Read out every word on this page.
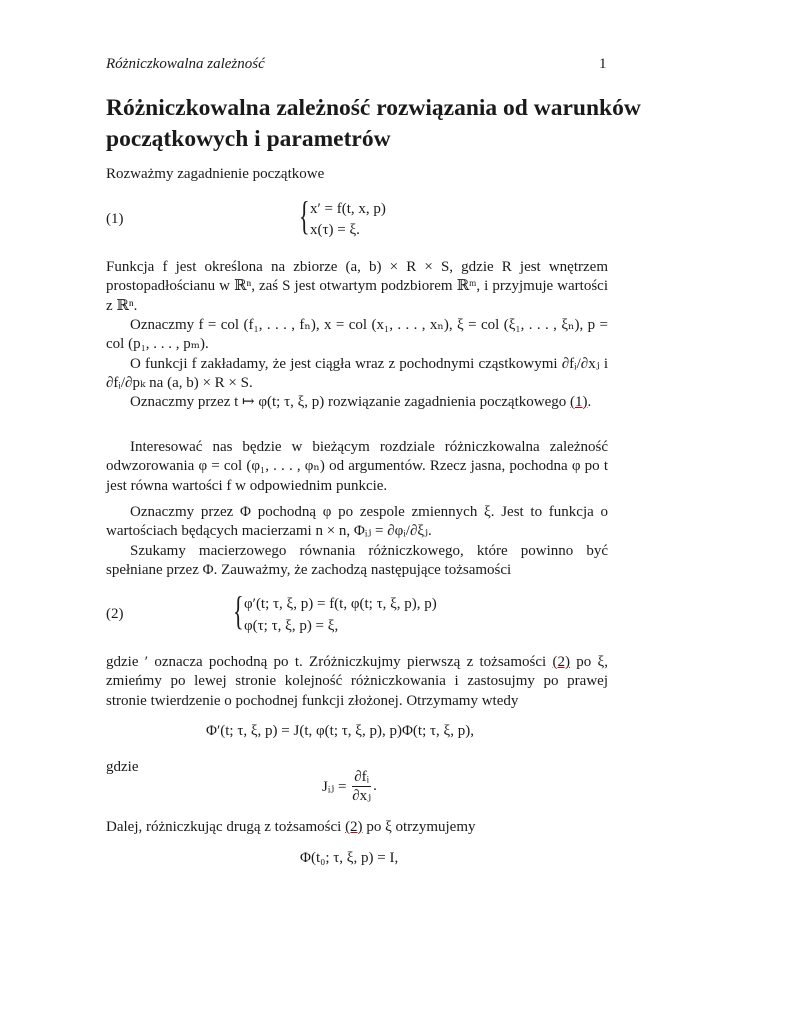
Różniczkowalna zależność	1
Różniczkowalna zależność rozwiązania od warunków początkowych i parametrów
Rozważmy zagadnienie początkowe
(1)	{ x′ = f(t, x, p)
x(τ) = ξ.
Funkcja f jest określona na zbiorze (a, b) × R × S, gdzie R jest wnętrzem prostopadłościanu w ℝⁿ, zaś S jest otwartym podzbiorem ℝᵐ, i przyjmuje wartości z ℝⁿ.
Oznaczmy f = col (f₁, . . . , fₙ), x = col (x₁, . . . , xₙ), ξ = col (ξ₁, . . . , ξₙ), p = col (p₁, . . . , pₘ).
O funkcji f zakładamy, że jest ciągła wraz z pochodnymi cząstkowymi ∂fᵢ/∂xⱼ i ∂fᵢ/∂pₖ na (a, b) × R × S.
Oznaczmy przez t ↦ φ(t; τ, ξ, p) rozwiązanie zagadnienia początkowego (1).
Interesować nas będzie w bieżącym rozdziale różniczkowalna zależność odwzorowania φ = col (φ₁, . . . , φₙ) od argumentów. Rzecz jasna, pochodna φ po t jest równa wartości f w odpowiednim punkcie.
Oznaczmy przez Φ pochodną φ po zespole zmiennych ξ. Jest to funkcja o wartościach będących macierzami n × n, Φᵢⱼ = ∂φᵢ/∂ξⱼ.
Szukamy macierzowego równania różniczkowego, które powinno być spełniane przez Φ. Zauważmy, że zachodzą następujące tożsamości
(2)	{ φ′(t; τ, ξ, p) = f(t, φ(t; τ, ξ, p), p)
φ(τ; τ, ξ, p) = ξ,
gdzie ′ oznacza pochodną po t. Zróżniczkujmy pierwszą z tożsamości (2) po ξ, zmieńmy po lewej stronie kolejność różniczkowania i zastosujmy po prawej stronie twierdzenie o pochodnej funkcji złożonej. Otrzymamy wtedy
Φ′(t; τ, ξ, p) = J(t, φ(t; τ, ξ, p), p)Φ(t; τ, ξ, p),
gdzie
Jᵢⱼ = $\frac{\text{∂fᵢ}}{\text{∂xⱼ}}$ .
Dalej, różniczkując drugą z tożsamości (2) po ξ otrzymujemy
Φ(t₀; τ, ξ, p) = I,
